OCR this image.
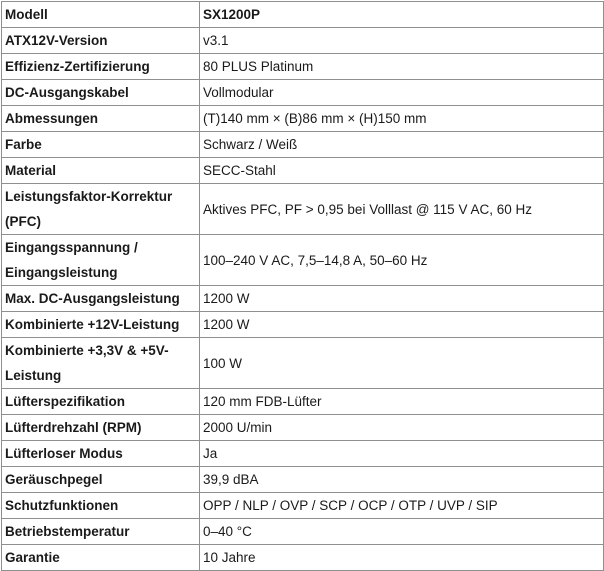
Modell	SX1200P
ATX12V-Version	v3.1
Effizienz-Zertifizierung	80 PLUS Platinum
DC-Ausgangskabel	Vollmodular
Abmessungen	(T)140 mm × (B)86 mm × (H)150 mm
Farbe	Schwarz / Weiß
Material	SECC-Stahl
Leistungsfaktor-Korrektur (PFC)	Aktives PFC, PF > 0,95 bei Volllast @ 115 V AC, 60 Hz
Eingangsspannung / Eingangsleistung	100–240 V AC, 7,5–14,8 A, 50–60 Hz
Max. DC-Ausgangsleistung	1200 W
Kombinierte +12V-Leistung	1200 W
Kombinierte +3,3V & +5V-Leistung	100 W
Lüfterspezifikation	120 mm FDB-Lüfter
Lüfterdrehzahl (RPM)	2000 U/min
Lüfterloser Modus	Ja
Geräuschpegel	39,9 dBA
Schutzfunktionen	OPP / NLP / OVP / SCP / OCP / OTP / UVP / SIP
Betriebstemperatur	0–40 °C
Garantie	10 Jahre
